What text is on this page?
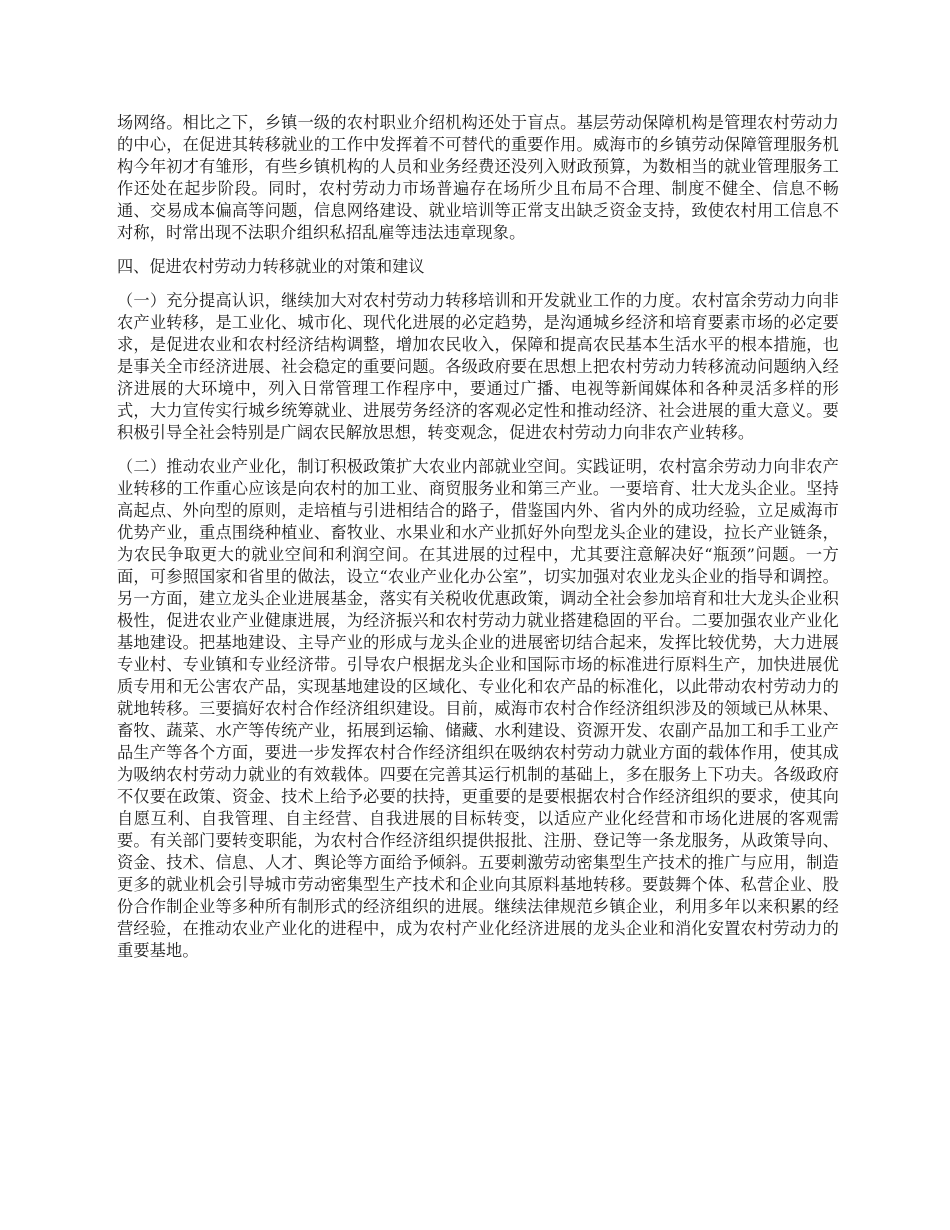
场网络。相比之下，乡镇一级的农村职业介绍机构还处于盲点。基层劳动保障机构是管理农村劳动力的中心，在促进其转移就业的工作中发挥着不可替代的重要作用。威海市的乡镇劳动保障管理服务机构今年初才有雏形，有些乡镇机构的人员和业务经费还没列入财政预算，为数相当的就业管理服务工作还处在起步阶段。同时，农村劳动力市场普遍存在场所少且布局不合理、制度不健全、信息不畅通、交易成本偏高等问题，信息网络建设、就业培训等正常支出缺乏资金支持，致使农村用工信息不对称，时常出现不法职介组织私招乱雇等违法违章现象。

四、促进农村劳动力转移就业的对策和建议

（一）充分提高认识，继续加大对农村劳动力转移培训和开发就业工作的力度。农村富余劳动力向非农产业转移，是工业化、城市化、现代化进展的必定趋势，是沟通城乡经济和培育要素市场的必定要求，是促进农业和农村经济结构调整，增加农民收入，保障和提高农民基本生活水平的根本措施，也是事关全市经济进展、社会稳定的重要问题。各级政府要在思想上把农村劳动力转移流动问题纳入经济进展的大环境中，列入日常管理工作程序中，要通过广播、电视等新闻媒体和各种灵活多样的形式，大力宣传实行城乡统筹就业、进展劳务经济的客观必定性和推动经济、社会进展的重大意义。要积极引导全社会特别是广阔农民解放思想，转变观念，促进农村劳动力向非农产业转移。

（二）推动农业产业化，制订积极政策扩大农业内部就业空间。实践证明，农村富余劳动力向非农产业转移的工作重心应该是向农村的加工业、商贸服务业和第三产业。一要培育、壮大龙头企业。坚持高起点、外向型的原则，走培植与引进相结合的路子，借鉴国内外、省内外的成功经验，立足威海市优势产业，重点围绕种植业、畜牧业、水果业和水产业抓好外向型龙头企业的建设，拉长产业链条，为农民争取更大的就业空间和利润空间。在其进展的过程中，尤其要注意解决好“瓶颈”问题。一方面，可参照国家和省里的做法，设立“农业产业化办公室”，切实加强对农业龙头企业的指导和调控。另一方面，建立龙头企业进展基金，落实有关税收优惠政策，调动全社会参加培育和壮大龙头企业积极性，促进农业产业健康进展，为经济振兴和农村劳动力就业搭建稳固的平台。二要加强农业产业化基地建设。把基地建设、主导产业的形成与龙头企业的进展密切结合起来，发挥比较优势，大力进展专业村、专业镇和专业经济带。引导农户根据龙头企业和国际市场的标准进行原料生产，加快进展优质专用和无公害农产品，实现基地建设的区域化、专业化和农产品的标准化，以此带动农村劳动力的就地转移。三要搞好农村合作经济组织建设。目前，威海市农村合作经济组织涉及的领域已从林果、畜牧、蔬菜、水产等传统产业，拓展到运输、储藏、水利建设、资源开发、农副产品加工和手工业产品生产等各个方面，要进一步发挥农村合作经济组织在吸纳农村劳动力就业方面的载体作用，使其成为吸纳农村劳动力就业的有效载体。四要在完善其运行机制的基础上，多在服务上下功夫。各级政府不仅要在政策、资金、技术上给予必要的扶持，更重要的是要根据农村合作经济组织的要求，使其向自愿互利、自我管理、自主经营、自我进展的目标转变，以适应产业化经营和市场化进展的客观需要。有关部门要转变职能，为农村合作经济组织提供报批、注册、登记等一条龙服务，从政策导向、资金、技术、信息、人才、舆论等方面给予倾斜。五要刺激劳动密集型生产技术的推广与应用，制造更多的就业机会引导城市劳动密集型生产技术和企业向其原料基地转移。要鼓舞个体、私营企业、股份合作制企业等多种所有制形式的经济组织的进展。继续法律规范乡镇企业，利用多年以来积累的经营经验，在推动农业产业化的进程中，成为农村产业化经济进展的龙头企业和消化安置农村劳动力的重要基地。
